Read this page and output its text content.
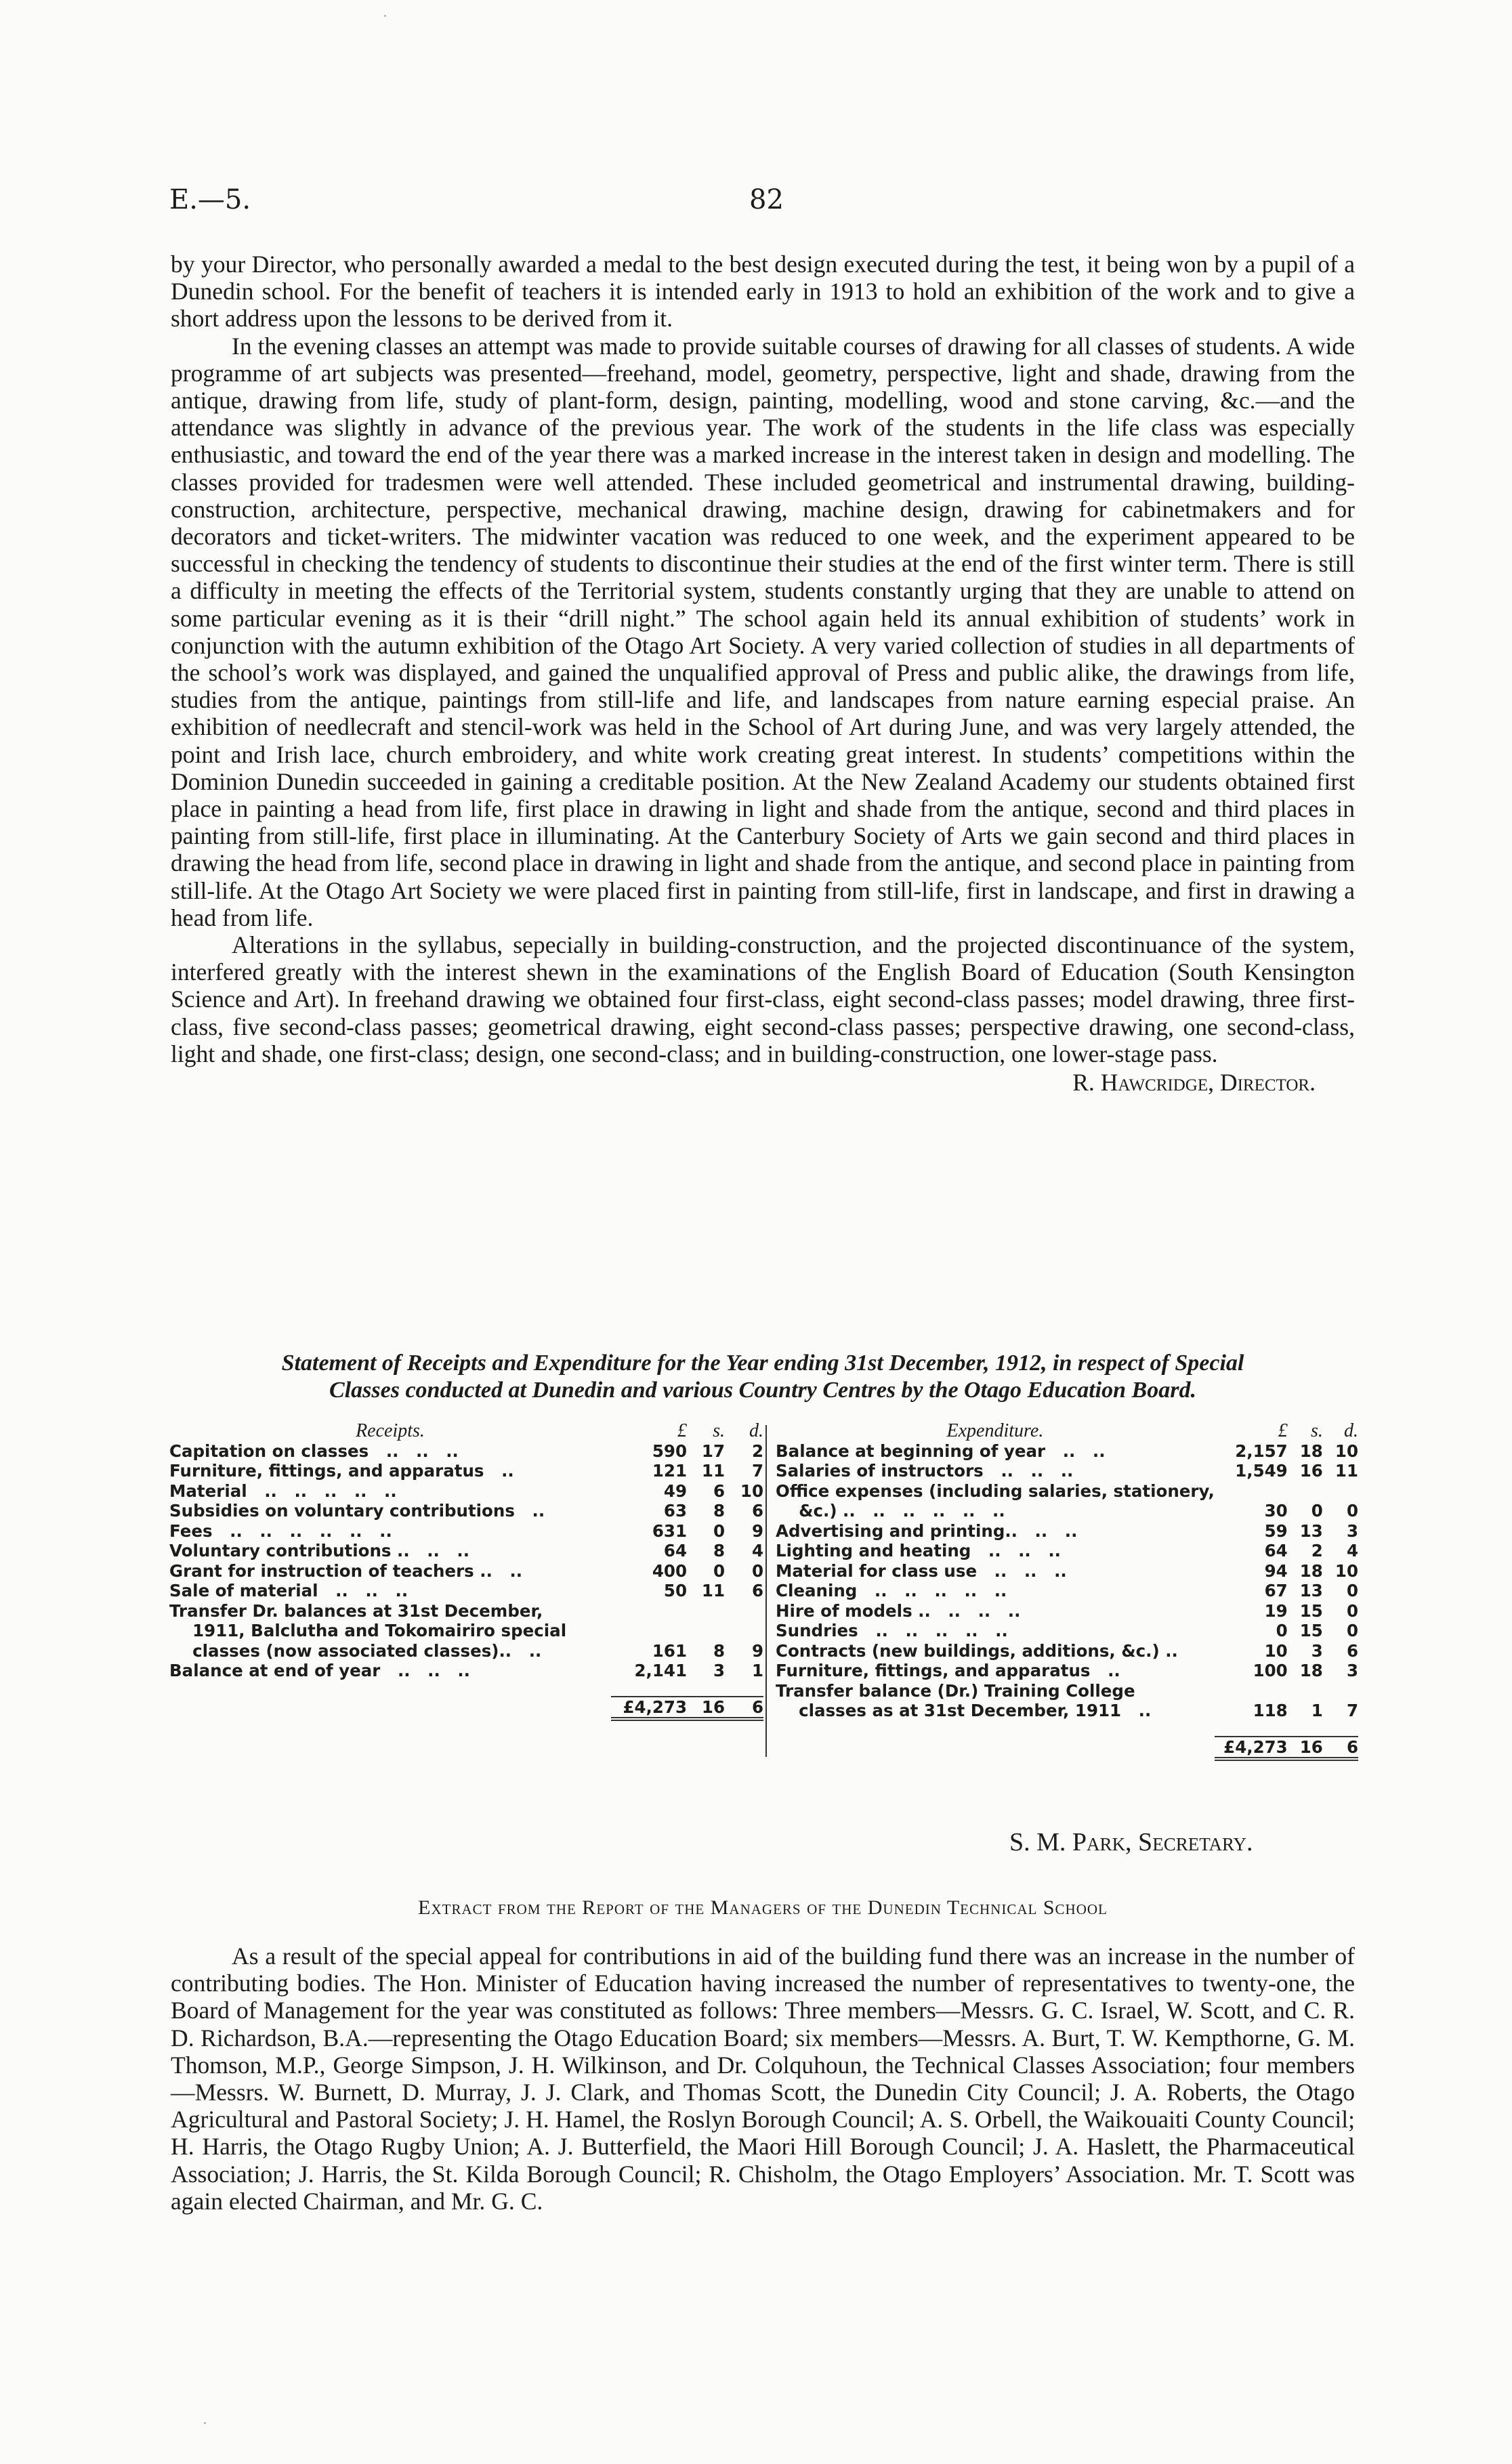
·
E.—5.	82

by your Director, who personally awarded a medal to the best design executed during the test, it being won by a pupil of a Dunedin school. For the benefit of teachers it is intended early in 1913 to hold an exhibition of the work and to give a short address upon the lessons to be derived from it.

In the evening classes an attempt was made to provide suitable courses of drawing for all classes of students. A wide programme of art subjects was presented—freehand, model, geometry, perspective, light and shade, drawing from the antique, drawing from life, study of plant-form, design, painting, modelling, wood and stone carving, &c.—and the attendance was slightly in advance of the previous year. The work of the students in the life class was especially enthusiastic, and toward the end of the year there was a marked increase in the interest taken in design and modelling. The classes provided for tradesmen were well attended. These included geometrical and instrumental drawing, building-construction, architecture, perspective, mechanical drawing, machine design, drawing for cabinetmakers and for decorators and ticket-writers. The midwinter vacation was reduced to one week, and the experiment appeared to be successful in checking the tendency of students to discontinue their studies at the end of the first winter term. There is still a difficulty in meeting the effects of the Territorial system, students constantly urging that they are unable to attend on some particular evening as it is their “drill night.” The school again held its annual exhibition of students’ work in conjunction with the autumn exhibition of the Otago Art Society. A very varied collection of studies in all departments of the school’s work was displayed, and gained the unqualified approval of Press and public alike, the drawings from life, studies from the antique, paintings from still-life and life, and landscapes from nature earning especial praise. An exhibition of needlecraft and stencil-work was held in the School of Art during June, and was very largely attended, the point and Irish lace, church embroidery, and white work creating great interest. In students’ competitions within the Dominion Dunedin succeeded in gaining a creditable position. At the New Zealand Academy our students obtained first place in painting a head from life, first place in drawing in light and shade from the antique, second and third places in painting from still-life, first place in illuminating. At the Canterbury Society of Arts we gain second and third places in drawing the head from life, second place in drawing in light and shade from the antique, and second place in painting from still-life. At the Otago Art Society we were placed first in painting from still-life, first in landscape, and first in drawing a head from life.

Alterations in the syllabus, sepecially in building-construction, and the projected discontinuance of the system, interfered greatly with the interest shewn in the examinations of the English Board of Education (South Kensington Science and Art). In freehand drawing we obtained four first-class, eight second-class passes; model drawing, three first-class, five second-class passes; geometrical drawing, eight second-class passes; perspective drawing, one second-class, light and shade, one first-class; design, one second-class; and in building-construction, one lower-stage pass.

R. Hawcridge, Director.
Statement of Receipts and Expenditure for the Year ending 31st December, 1912, in respect of Special
Classes conducted at Dunedin and various Country Centres by the Otago Education Board.
Receipts.	£	s.	d.
Capitation on classes   ..   ..   ..	590	17	2
Furniture, fittings, and apparatus   ..	121	11	7
Material   ..   ..   ..   ..   ..	49	6	10
Subsidies on voluntary contributions   ..	63	8	6
Fees   ..   ..   ..   ..   ..   ..	631	0	9
Voluntary contributions ..   ..   ..	64	8	4
Grant for instruction of teachers ..   ..	400	0	0
Sale of material   ..   ..   ..	50	11	6
Transfer Dr. balances at 31st December,			
1911, Balclutha and Tokomairiro special			
classes (now associated classes)..   ..	161	8	9
Balance at end of year   ..   ..   ..	2,141	3	1

	£4,273	16	6
Expenditure.	£	s.	d.
Balance at beginning of year   ..   ..	2,157	18	10
Salaries of instructors   ..   ..   ..	1,549	16	11
Office expenses (including salaries, stationery,			
&c.) ..   ..   ..   ..   ..   ..	30	0	0
Advertising and printing..   ..   ..	59	13	3
Lighting and heating   ..   ..   ..	64	2	4
Material for class use   ..   ..   ..	94	18	10
Cleaning   ..   ..   ..   ..   ..	67	13	0
Hire of models ..   ..   ..   ..	19	15	0
Sundries   ..   ..   ..   ..   ..	0	15	0
Contracts (new buildings, additions, &c.) ..	10	3	6
Furniture, fittings, and apparatus   ..	100	18	3
Transfer balance (Dr.) Training College			
classes as at 31st December, 1911   ..	118	1	7

	£4,273	16	6
S. M. Park, Secretary.
Extract from the Report of the Managers of the Dunedin Technical School

As a result of the special appeal for contributions in aid of the building fund there was an increase in the number of contributing bodies. The Hon. Minister of Education having increased the number of representatives to twenty-one, the Board of Management for the year was constituted as follows: Three members—Messrs. G. C. Israel, W. Scott, and C. R. D. Richardson, B.A.—representing the Otago Education Board; six members—Messrs. A. Burt, T. W. Kempthorne, G. M. Thomson, M.P., George Simpson, J. H. Wilkinson, and Dr. Colquhoun, the Technical Classes Association; four members—Messrs. W. Burnett, D. Murray, J. J. Clark, and Thomas Scott, the Dunedin City Council; J. A. Roberts, the Otago Agricultural and Pastoral Society; J. H. Hamel, the Roslyn Borough Council; A. S. Orbell, the Waikouaiti County Council; H. Harris, the Otago Rugby Union; A. J. Butterfield, the Maori Hill Borough Council; J. A. Haslett, the Pharmaceutical Association; J. Harris, the St. Kilda Borough Council; R. Chisholm, the Otago Employers’ Association. Mr. T. Scott was again elected Chairman, and Mr. G. C.

·
